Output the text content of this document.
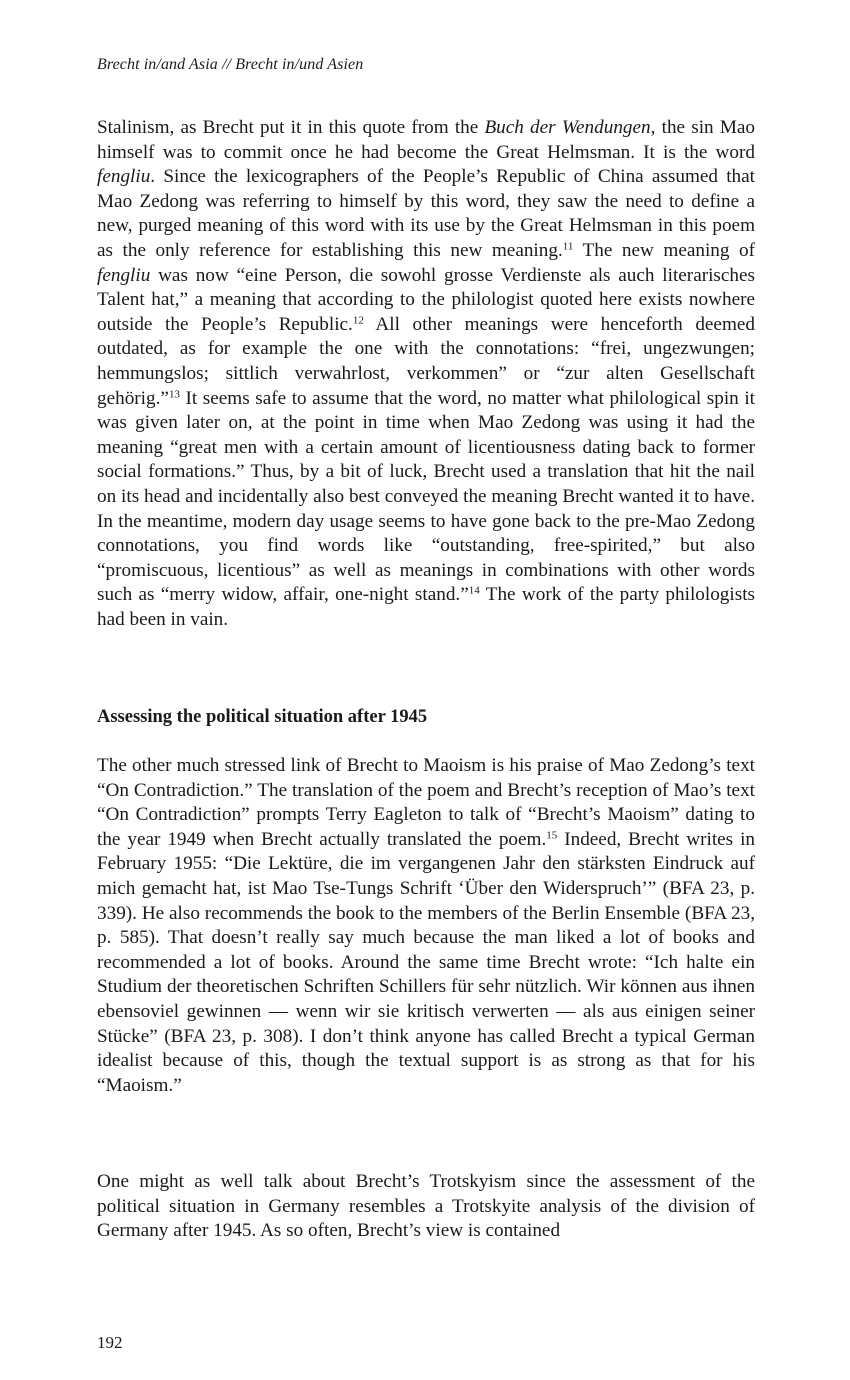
Brecht in/and Asia // Brecht in/und Asien

Stalinism, as Brecht put it in this quote from the Buch der Wendungen, the sin Mao himself was to commit once he had become the Great Helmsman. It is the word fengliu. Since the lexicographers of the People’s Republic of China assumed that Mao Zedong was referring to himself by this word, they saw the need to define a new, purged meaning of this word with its use by the Great Helmsman in this poem as the only reference for establishing this new meaning.$^{11}$ The new meaning of fengliu was now “eine Person, die sowohl grosse Verdienste als auch literarisches Talent hat,” a meaning that according to the philologist quoted here exists nowhere outside the People’s Republic.$^{12}$ All other meanings were henceforth deemed outdated, as for example the one with the connotations: “frei, ungezwungen; hemmungslos; sittlich verwahrlost, verkommen” or “zur alten Gesellschaft gehörig.”$^{13}$ It seems safe to assume that the word, no matter what philological spin it was given later on, at the point in time when Mao Zedong was using it had the meaning “great men with a certain amount of licentiousness dating back to former social formations.” Thus, by a bit of luck, Brecht used a translation that hit the nail on its head and incidentally also best conveyed the meaning Brecht wanted it to have. In the meantime, modern day usage seems to have gone back to the pre-Mao Zedong connotations, you find words like “outstanding, free-spirited,” but also “promiscuous, licentious” as well as meanings in combinations with other words such as “merry widow, affair, one-night stand.”$^{14}$ The work of the party philologists had been in vain.

Assessing the political situation after 1945

The other much stressed link of Brecht to Maoism is his praise of Mao Zedong’s text “On Contradiction.” The translation of the poem and Brecht’s reception of Mao’s text “On Contradiction” prompts Terry Eagleton to talk of “Brecht’s Maoism” dating to the year 1949 when Brecht actually translated the poem.$^{15}$ Indeed, Brecht writes in February 1955: “Die Lektüre, die im vergangenen Jahr den stärksten Eindruck auf mich gemacht hat, ist Mao Tse-Tungs Schrift ‘Über den Widerspruch’” (BFA 23, p. 339). He also recommends the book to the members of the Berlin Ensemble (BFA 23, p. 585). That doesn’t really say much because the man liked a lot of books and recommended a lot of books. Around the same time Brecht wrote: “Ich halte ein Studium der theoretischen Schriften Schillers für sehr nützlich. Wir können aus ihnen ebensoviel gewinnen — wenn wir sie kritisch verwerten — als aus einigen seiner Stücke” (BFA 23, p. 308). I don’t think anyone has called Brecht a typical German idealist because of this, though the textual support is as strong as that for his “Maoism.”

One might as well talk about Brecht’s Trotskyism since the assessment of the political situation in Germany resembles a Trotskyite analysis of the division of Germany after 1945. As so often, Brecht’s view is contained

192
